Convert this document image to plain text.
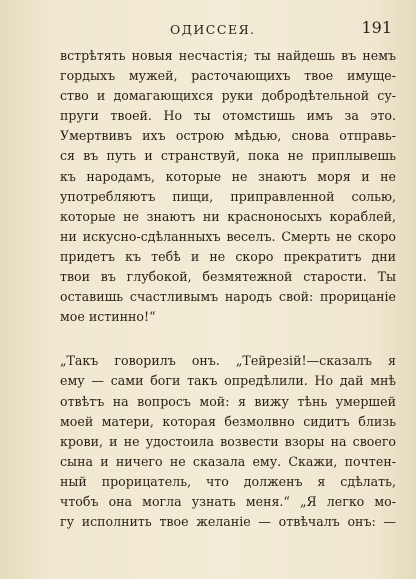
ОДИССЕЯ.	191
встрѣтять новыя несчастія; ты найдешь въ немъ
гордыхъ мужей, расточающихъ твое имущe-
ство и домагающихся руки добродѣтельной су-
пруги твоей. Но ты отомстишь имъ за это.
Умертвивъ ихъ острою мѣдью, снова отправь-
ся въ путь и странствуй, пока не приплывешь
къ народамъ, которые не знаютъ моря и не
употребляютъ пищи, приправленной солью,
которые не знаютъ ни красноносыхъ кораблей,
ни искусно-сдѣланныхъ веселъ. Смерть не скоро
придетъ къ тебѣ и не скоро прекратитъ дни
твои въ глубокой, безмятежной старости. Ты
оставишь счастливымъ народъ свой: прорицаніе
мое истинно!“
„Такъ говорилъ онъ. „Тейрезій!—сказалъ я
ему — сами боги такъ опредѣлили. Но дай мнѣ
отвѣтъ на вопросъ мой: я вижу тѣнь умершей
моей матери, которая безмолвно сидитъ близь
крови, и не удостоила возвести взоры на своего
сына и ничего не сказала ему. Скажи, почтен-
ный прорицатель, что долженъ я сдѣлать,
чтобъ она могла узнать меня.“ „Я легко мо-
гу исполнить твое желаніе — отвѣчалъ онъ: —
